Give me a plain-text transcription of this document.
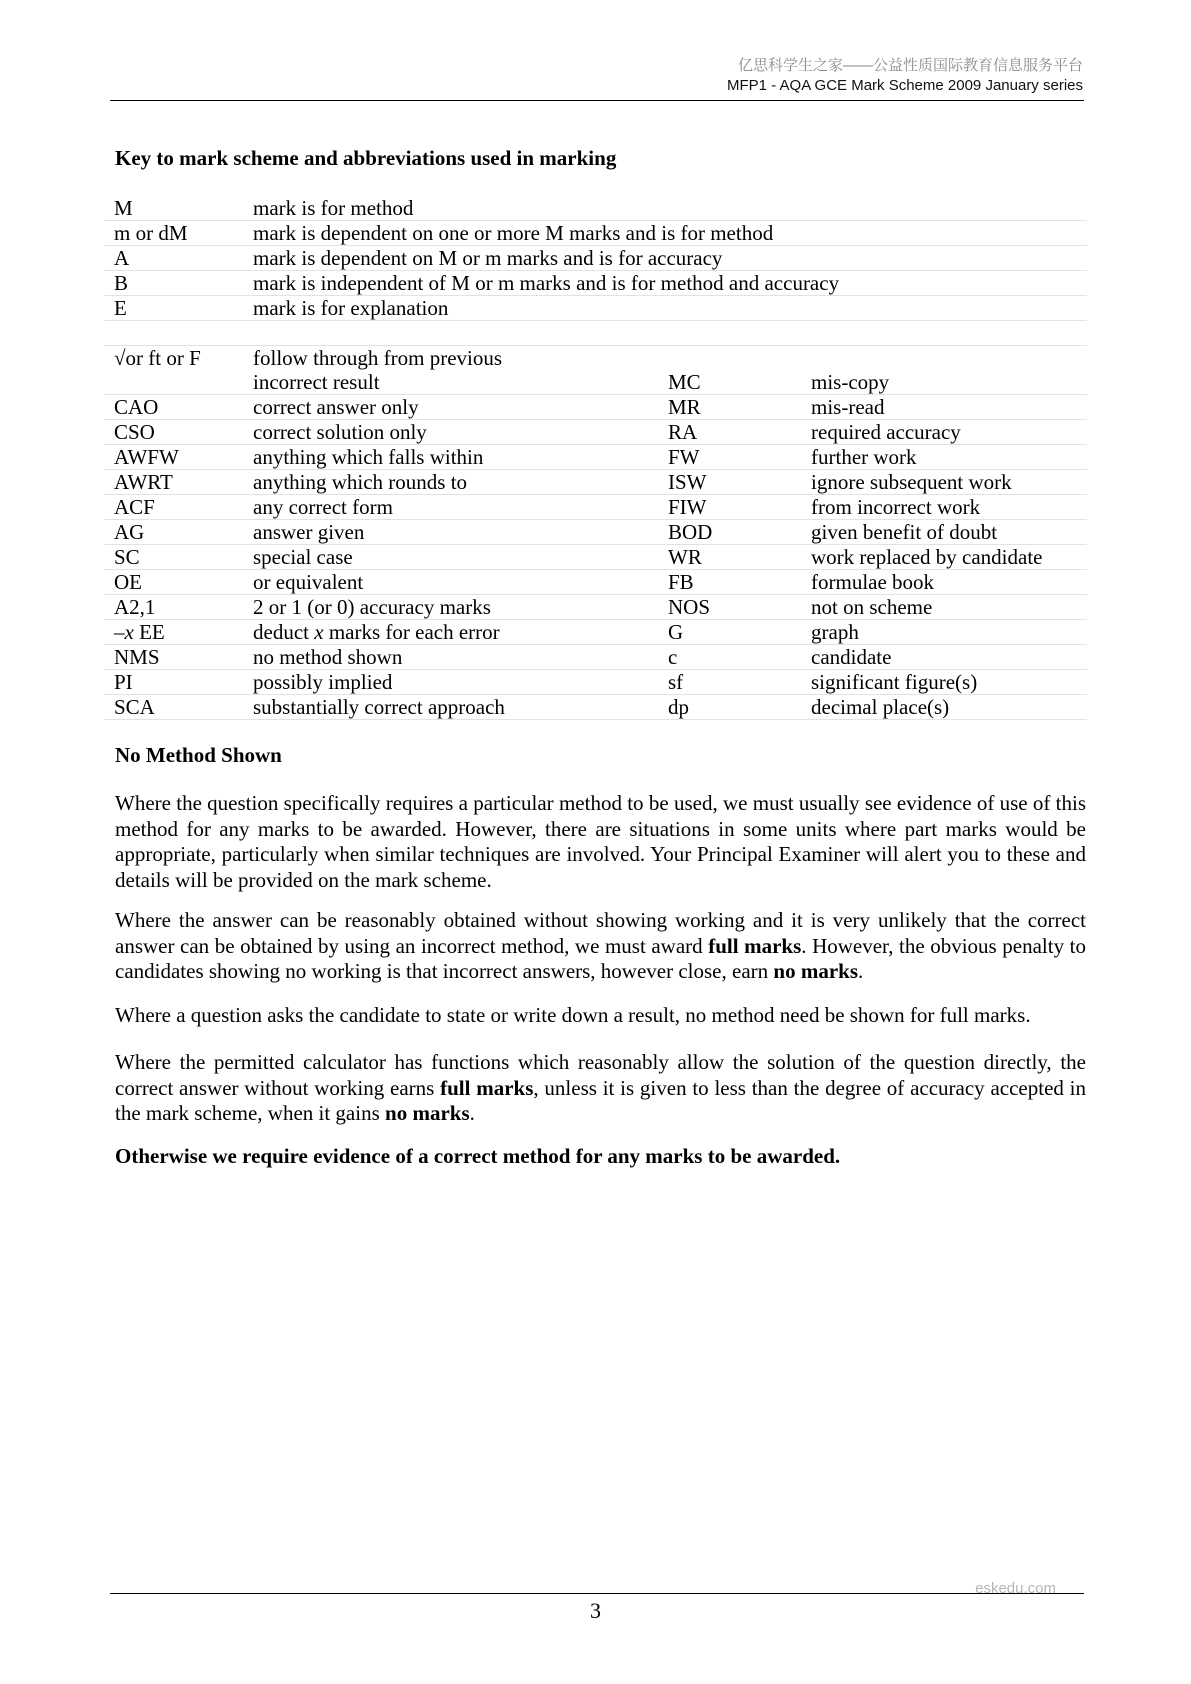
亿思科学生之家——公益性质国际教育信息服务平台
MFP1 - AQA GCE Mark Scheme 2009 January series
Key to mark scheme and abbreviations used in marking
M	mark is for method		
m or dM	mark is dependent on one or more M marks and is for method		
A	mark is dependent on M or m marks and is for accuracy		
B	mark is independent of M or m marks and is for method and accuracy		
E	mark is for explanation		

√or ft or F	follow through from previous
incorrect result	MC	mis-copy

CAO	correct answer only	MR	mis-read
CSO	correct solution only	RA	required accuracy
AWFW	anything which falls within	FW	further work
AWRT	anything which rounds to	ISW	ignore subsequent work
ACF	any correct form	FIW	from incorrect work
AG	answer given	BOD	given benefit of doubt
SC	special case	WR	work replaced by candidate
OE	or equivalent	FB	formulae book
A2,1	2 or 1 (or 0) accuracy marks	NOS	not on scheme
–x EE	deduct x marks for each error	G	graph
NMS	no method shown	c	candidate
PI	possibly implied	sf	significant figure(s)
SCA	substantially correct approach	dp	decimal place(s)
No Method Shown
Where the question specifically requires a particular method to be used, we must usually see evidence of use of this method for any marks to be awarded. However, there are situations in some units where part marks would be appropriate, particularly when similar techniques are involved. Your Principal Examiner will alert you to these and details will be provided on the mark scheme.
Where the answer can be reasonably obtained without showing working and it is very unlikely that the correct answer can be obtained by using an incorrect method, we must award full marks. However, the obvious penalty to candidates showing no working is that incorrect answers, however close, earn no marks.
Where a question asks the candidate to state or write down a result, no method need be shown for full marks.
Where the permitted calculator has functions which reasonably allow the solution of the question directly, the correct answer without working earns full marks, unless it is given to less than the degree of accuracy accepted in the mark scheme, when it gains no marks.
Otherwise we require evidence of a correct method for any marks to be awarded.
eskedu.com
3
